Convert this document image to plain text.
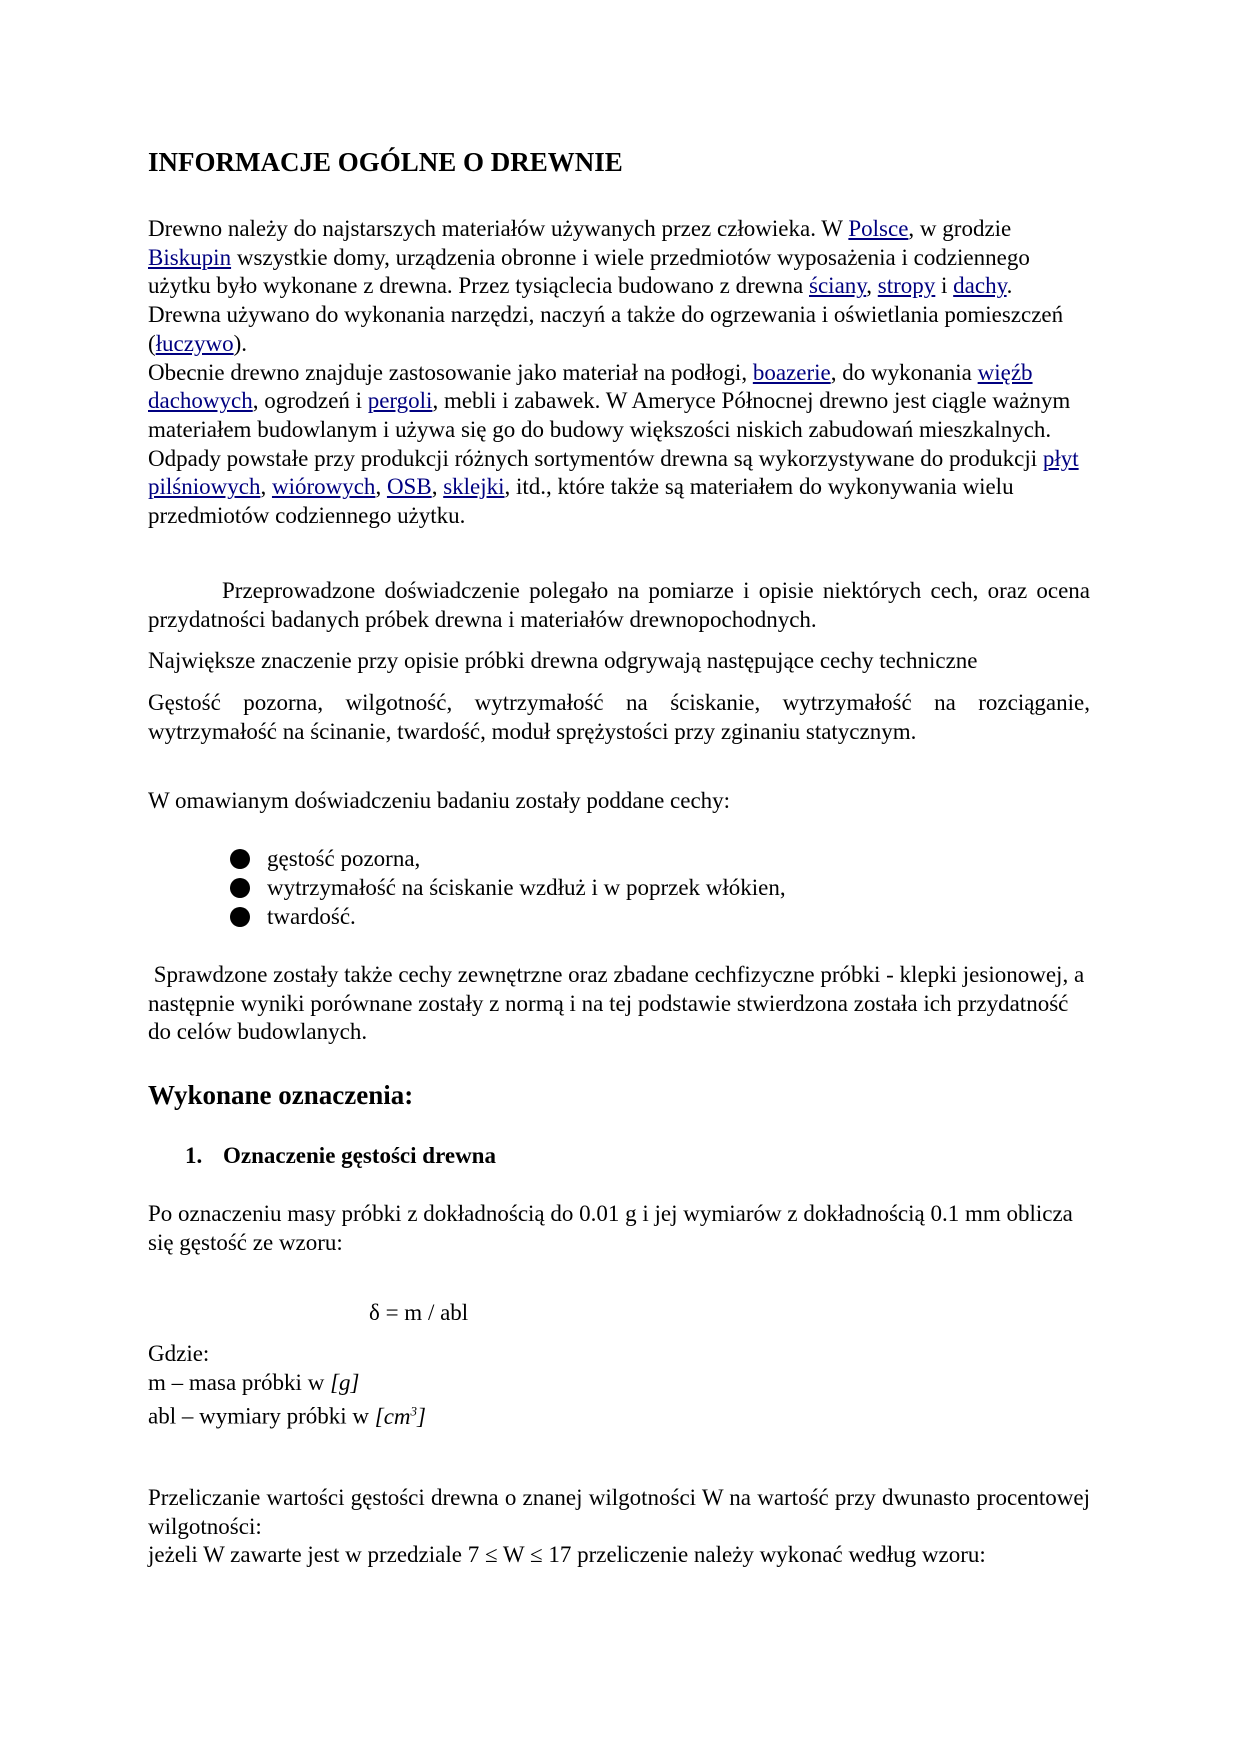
INFORMACJE OGÓLNE O DREWNIE

Drewno należy do najstarszych materiałów używanych przez człowieka. W Polsce, w grodzie Biskupin wszystkie domy, urządzenia obronne i wiele przedmiotów wyposażenia i codziennego użytku było wykonane z drewna. Przez tysiąclecia budowano z drewna ściany, stropy i dachy. Drewna używano do wykonania narzędzi, naczyń a także do ogrzewania i oświetlania pomieszczeń (łuczywo).
Obecnie drewno znajduje zastosowanie jako materiał na podłogi, boazerie, do wykonania więźb dachowych, ogrodzeń i pergoli, mebli i zabawek. W Ameryce Północnej drewno jest ciągle ważnym materiałem budowlanym i używa się go do budowy większości niskich zabudowań mieszkalnych. Odpady powstałe przy produkcji różnych sortymentów drewna są wykorzystywane do produkcji płyt pilśniowych, wiórowych, OSB, sklejki, itd., które także są materiałem do wykonywania wielu przedmiotów codziennego użytku.

Przeprowadzone doświadczenie polegało na pomiarze i opisie niektórych cech, oraz ocena przydatności badanych próbek drewna i materiałów drewnopochodnych.

Największe znaczenie przy opisie próbki drewna odgrywają następujące cechy techniczne

Gęstość pozorna, wilgotność, wytrzymałość na ściskanie, wytrzymałość na rozciąganie, wytrzymałość na ścinanie, twardość, moduł sprężystości przy zginaniu statycznym.

W omawianym doświadczeniu badaniu zostały poddane cechy:

gęstość pozorna,
wytrzymałość na ściskanie wzdłuż i w poprzek włókien,
twardość.

Sprawdzone zostały także cechy zewnętrzne oraz zbadane cechfizyczne próbki - klepki jesionowej, a następnie wyniki porównane zostały z normą i na tej podstawie stwierdzona została ich przydatność do celów budowlanych.

Wykonane oznaczenia:
1. Oznaczenie gęstości drewna

Po oznaczeniu masy próbki z dokładnością do 0.01 g i jej wymiarów z dokładnością 0.1 mm oblicza się gęstość ze wzoru:

δ = m / abl
Gdzie:
m – masa próbki w [g]
abl – wymiary próbki w $[cm^3]$

Przeliczanie wartości gęstości drewna o znanej wilgotności W na wartość przy dwunasto procentowej wilgotności:

jeżeli W zawarte jest w przedziale 7 ≤ W ≤ 17 przeliczenie należy wykonać według wzoru:
